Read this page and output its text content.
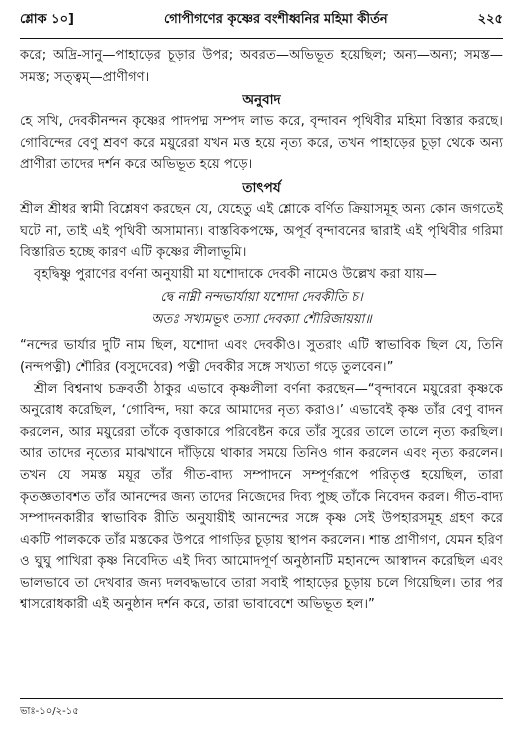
শ্লোক ১০]	গোপীগণের কৃষ্ণের বংশীধ্বনির মহিমা কীর্তন	২২৫

করে; অদ্রি-সানু—পাহাড়ের চূড়ার উপর; অবরত—অভিভূত হয়েছিল; অন্য—অন্য; সমস্ত—সমস্ত; সত্ত্বম্—প্রাণীগণ।

অনুবাদ

হে সখি, দেবকীনন্দন কৃষ্ণের পাদপদ্ম সম্পদ লাভ করে, বৃন্দাবন পৃথিবীর মহিমা বিস্তার করছে। গোবিন্দের বেণু শ্রবণ করে ময়ুরেরা যখন মত্ত হয়ে নৃত্য করে, তখন পাহাড়ের চূড়া থেকে অন্য প্রাণীরা তাদের দর্শন করে অভিভূত হয়ে পড়ে।

তাৎপর্য

শ্রীল শ্রীধর স্বামী বিশ্লেষণ করছেন যে, যেহেতু এই শ্লোকে বর্ণিত ক্রিয়াসমূহ অন্য কোন জগতেই ঘটে না, তাই এই পৃথিবী অসামান্য। বাস্তবিকপক্ষে, অপূর্ব বৃন্দাবনের দ্বারাই এই পৃথিবীর গরিমা বিস্তারিত হচ্ছে কারণ এটি কৃষ্ণের লীলাভূমি।

বৃহদ্বিষ্ণু পুরাণের বর্ণনা অনুযায়ী মা যশোদাকে দেবকী নামেও উল্লেখ করা যায়—

দ্বে নাম্নী নন্দভার্যায়া যশোদা দেবকীতি চ।
অতঃ সখ্যমভূৎ তস্যা দেবক্যা শৌরিজায়য়া॥

“নন্দের ভার্যার দুটি নাম ছিল, যশোদা এবং দেবকীও। সুতরাং এটি স্বাভাবিক ছিল যে, তিনি (নন্দপত্নী) শৌরির (বসুদেবের) পত্নী দেবকীর সঙ্গে সখ্যতা গড়ে তুলবেন।”

শ্রীল বিশ্বনাথ চক্রবর্তী ঠাকুর এভাবে কৃষ্ণলীলা বর্ণনা করছেন—“বৃন্দাবনে ময়ুরেরা কৃষ্ণকে অনুরোধ করেছিল, ‘গোবিন্দ, দয়া করে আমাদের নৃত্য করাও।’ এভাবেই কৃষ্ণ তাঁর বেণু বাদন করলেন, আর ময়ুরেরা তাঁকে বৃত্তাকারে পরিবেষ্টন করে তাঁর সুরের তালে তালে নৃত্য করছিল। আর তাদের নৃত্যের মাঝখানে দাঁড়িয়ে থাকার সময়ে তিনিও গান করলেন এবং নৃত্য করলেন। তখন যে সমস্ত ময়ূর তাঁর গীত-বাদ্য সম্পাদনে সম্পূর্ণরূপে পরিতৃপ্ত হয়েছিল, তারা কৃতজ্ঞতাবশত তাঁর আনন্দের জন্য তাদের নিজেদের দিব্য পুচ্ছ তাঁকে নিবেদন করল। গীত-বাদ্য সম্পাদনকারীর স্বাভাবিক রীতি অনুযায়ীই আনন্দের সঙ্গে কৃষ্ণ সেই উপহারসমূহ গ্রহণ করে একটি পালককে তাঁর মস্তকের উপরে পাগড়ির চূড়ায় স্থাপন করলেন। শান্ত প্রাণীগণ, যেমন হরিণ ও ঘুঘু পাখিরা কৃষ্ণ নিবেদিত এই দিব্য আমোদপূর্ণ অনুষ্ঠানটি মহানন্দে আস্বাদন করেছিল এবং ভালভাবে তা দেখবার জন্য দলবদ্ধভাবে তারা সবাই পাহাড়ের চূড়ায় চলে গিয়েছিল। তার পর শ্বাসরোধকারী এই অনুষ্ঠান দর্শন করে, তারা ভাবাবেশে অভিভূত হল।”

ভাঃ-১০/২-১৫
